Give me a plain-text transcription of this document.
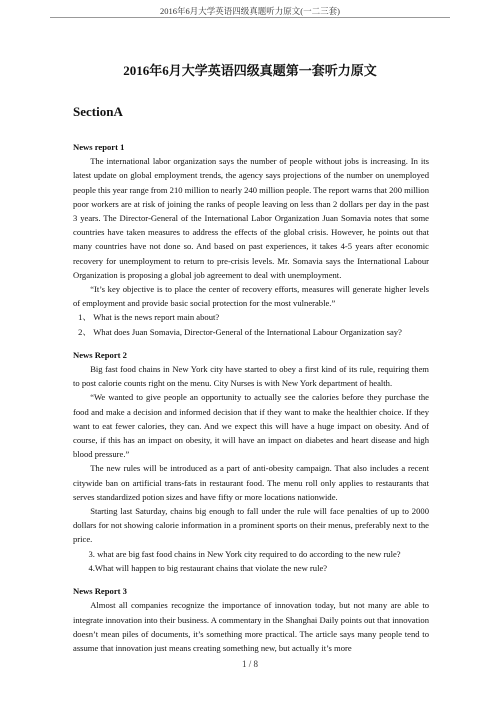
2016年6月大学英语四级真题听力原文(一二三套)
2016年6月大学英语四级真题第一套听力原文
SectionA

News report 1

The international labor organization says the number of people without jobs is increasing. In its latest update on global employment trends, the agency says projections of the number on unemployed people this year range from 210 million to nearly 240 million people. The report warns that 200 million poor workers are at risk of joining the ranks of people leaving on less than 2 dollars per day in the past 3 years. The Director-General of the International Labor Organization Juan Somavia notes that some countries have taken measures to address the effects of the global crisis. However, he points out that many countries have not done so. And based on past experiences, it takes 4-5 years after economic recovery for unemployment to return to pre-crisis levels. Mr. Somavia says the International Labour Organization is proposing a global job agreement to deal with unemployment.

“It’s key objective is to place the center of recovery efforts, measures will generate higher levels of employment and provide basic social protection for the most vulnerable.”

1、 What is the news report main about?

2、 What does Juan Somavia, Director-General of the International Labour Organization say?

News Report 2

Big fast food chains in New York city have started to obey a first kind of its rule, requiring them to post calorie counts right on the menu. City Nurses is with New York department of health.

“We wanted to give people an opportunity to actually see the calories before they purchase the food and make a decision and informed decision that if they want to make the healthier choice. If they want to eat fewer calories, they can. And we expect this will have a huge impact on obesity. And of course, if this has an impact on obesity, it will have an impact on diabetes and heart disease and high blood pressure.”

The new rules will be introduced as a part of anti-obesity campaign. That also includes a recent citywide ban on artificial trans-fats in restaurant food. The menu roll only applies to restaurants that serves standardized potion sizes and have fifty or more locations nationwide.

Starting last Saturday, chains big enough to fall under the rule will face penalties of up to 2000 dollars for not showing calorie information in a prominent sports on their menus, preferably next to the price.

3. what are big fast food chains in New York city required to do according to the new rule?

4.What will happen to big restaurant chains that violate the new rule?

News Report 3

Almost all companies recognize the importance of innovation today, but not many are able to integrate innovation into their business. A commentary in the Shanghai Daily points out that innovation doesn’t mean piles of documents, it’s something more practical. The article says many people tend to assume that innovation just means creating something new, but actually it’s more

1 / 8
